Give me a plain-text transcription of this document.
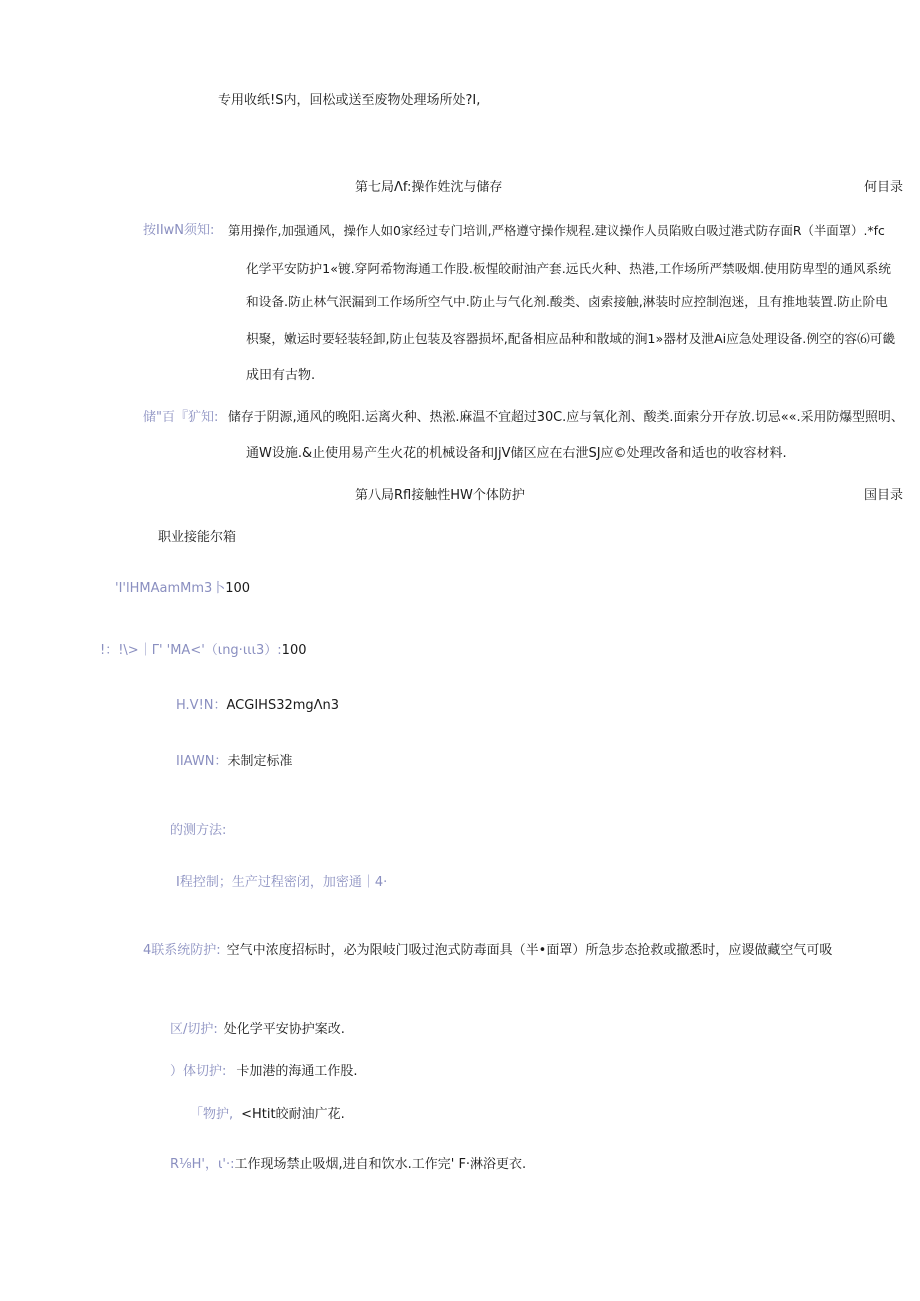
专用收纸!S内，回松或送至废物处理场所处?I,
第七局Λf:操作姓沈与储存	何目录
按IIwN须知: 第用操作,加强通风，操作人如0家经过专门培训,严格遵守操作规程.建议操作人员陷败白吸过港式防存面R（半面罩）.*fc
化学平安防护1«镀.穿阿希物海通工作股.板惺皎耐油产套.远氏火种、热港,工作场所严禁吸烟.使用防卑型的通风系统
和设备.防止林气泯漏到工作场所空气中.防止与气化剂.酸类、卤索接触,淋装时应控制泡迷，且有推地装置.防止阶电
枳聚，嫩运时要轻装轻卸,防止包装及容器损坏,配备相应品种和散域的涧1»器材及泄Ai应急处理设备.例空的容⑹可畿
成田有古物.
储"百『犷知: 储存于阴源,通风的晚阳.运离火种、热淞.麻温不宜超过30C.应与氧化剂、酸类.面索分开存放.切忌««.采用防爆型照明、
通W设施.&止使用易产生火花的机械设备和JjV储区应在右泄SJ应©处理改备和适也的收容材料.
第八局Rfl接触性HW个体防护	国目录
职业接能尔箱
'I'lHMAamMm3卜100
!：!\>｜Γ' 'MA<'（ιng·ιιι3）:100
H.V!N：ACGIHS32mgΛn3
IIAWN：未制定标准
的测方法:
I程控制；生产过程密闭，加密通｜4·
4联系统防护: 空气中浓度招标时，必为限岐门吸过泡式防毒面具（半•面罩）所急步态抢救或撤悉时，应谡做藏空气可吸
区/切护: 处化学平安协护案改.
）体切护: 卡加港的海通工作股.
「物护, <Htit皎耐油广花.
R⅛H'，ι'·:工作现场禁止吸烟,进自和饮水.工作完' F·淋浴更衣.
